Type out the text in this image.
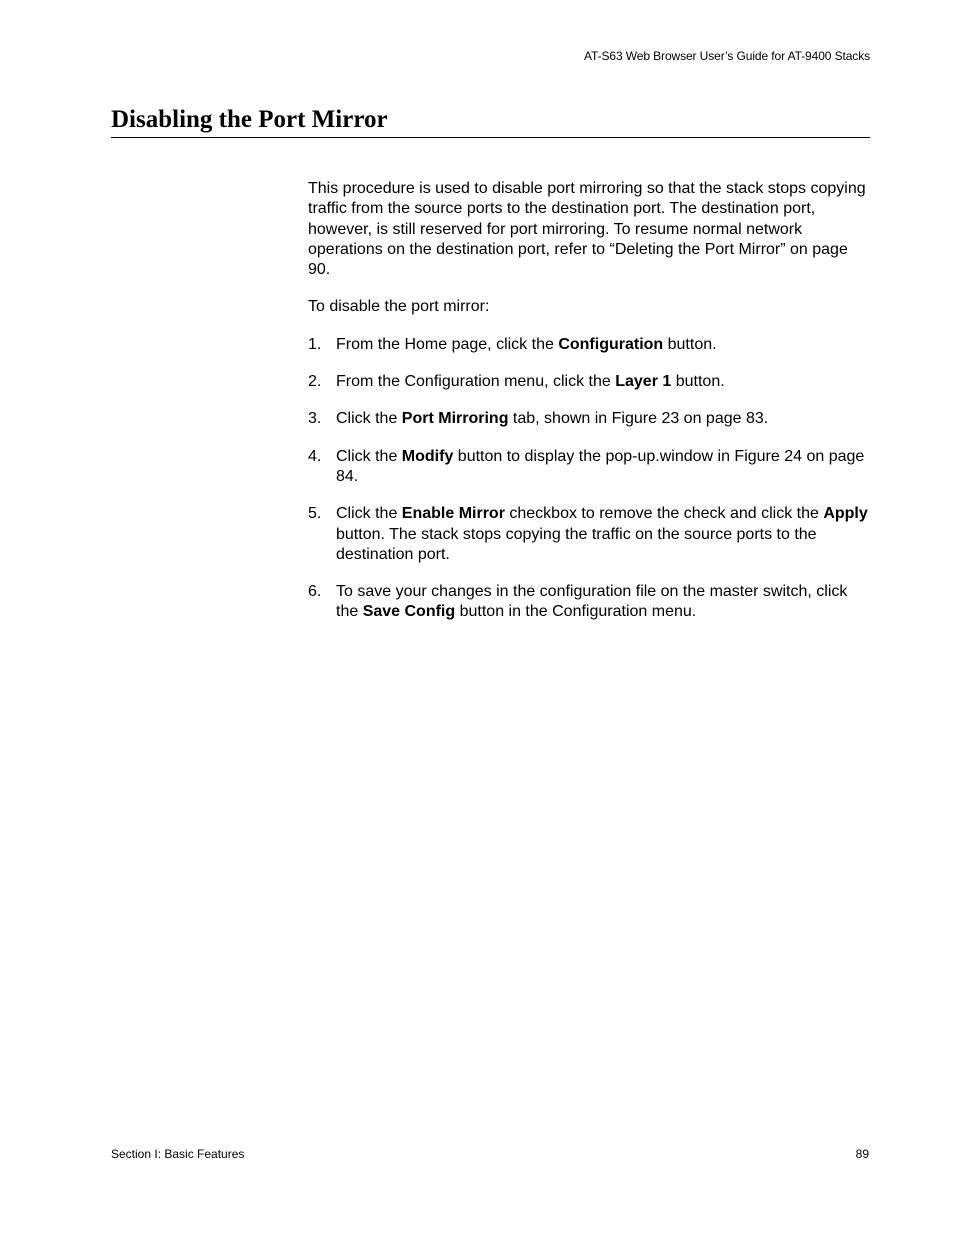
AT-S63 Web Browser User’s Guide for AT-9400 Stacks
Disabling the Port Mirror

This procedure is used to disable port mirroring so that the stack stops copying traffic from the source ports to the destination port. The destination port, however, is still reserved for port mirroring. To resume normal network operations on the destination port, refer to “Deleting the Port Mirror” on page 90.

To disable the port mirror:

1. From the Home page, click the Configuration button.
2. From the Configuration menu, click the Layer 1 button.
3. Click the Port Mirroring tab, shown in Figure 23 on page 83.
4. Click the Modify button to display the pop-up.window in Figure 24 on page 84.
5. Click the Enable Mirror checkbox to remove the check and click the Apply button. The stack stops copying the traffic on the source ports to the destination port.
6. To save your changes in the configuration file on the master switch, click the Save Config button in the Configuration menu.
Section I: Basic Features	89
